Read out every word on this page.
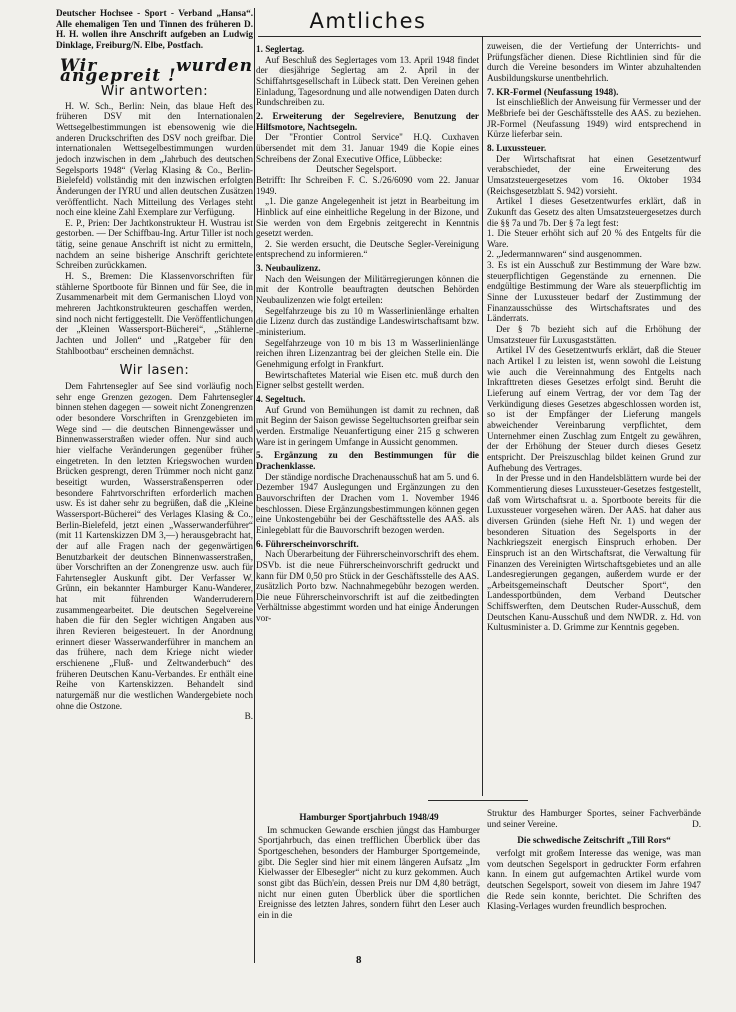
Deutscher Hochsee - Sport - Verband „Hansa“. Alle ehemaligen Ten und Tinnen des früheren D. H. H. wollen ihre Anschrift aufgeben an Ludwig Dinklage, Freiburg/N. Elbe, Postfach.

Wir wurden angepreit !
Wir antworten:

H. W. Sch., Berlin: Nein, das blaue Heft des früheren DSV mit den Internationalen Wettsegelbestimmungen ist ebensowenig wie die anderen Druckschriften des DSV noch greifbar. Die internationalen Wettsegelbestimmungen wurden jedoch inzwischen in dem „Jahrbuch des deutschen Segelsports 1948“ (Verlag Klasing & Co., Berlin-Bielefeld) vollständig mit den inzwischen erfolgten Änderungen der IYRU und allen deutschen Zusätzen veröffentlicht. Nach Mitteilung des Verlages steht noch eine kleine Zahl Exemplare zur Verfügung.

E. P., Prien: Der Jachtkonstrukteur H. Wustrau ist gestorben. — Der Schiffbau-Ing. Artur Tiller ist noch tätig, seine genaue Anschrift ist nicht zu ermitteln, nachdem an seine bisherige Anschrift gerichtete Schreiben zurückkamen.

H. S., Bremen: Die Klassenvorschriften für stählerne Sportboote für Binnen und für See, die in Zusammenarbeit mit dem Germanischen Lloyd von mehreren Jachtkonstrukteuren geschaffen werden, sind noch nicht fertiggestellt. Die Veröffentlichungen der „Kleinen Wassersport-Bücherei“, „Stählerne Jachten und Jollen“ und „Ratgeber für den Stahlbootbau“ erscheinen demnächst.

Wir lasen:

Dem Fahrtensegler auf See sind vorläufig noch sehr enge Grenzen gezogen. Dem Fahrtensegler binnen stehen dagegen — soweit nicht Zonengrenzen oder besondere Vorschriften in Grenzgebieten im Wege sind — die deutschen Binnengewässer und Binnenwasserstraßen wieder offen. Nur sind auch hier vielfache Veränderungen gegenüber früher eingetreten. In den letzten Kriegswochen wurden Brücken gesprengt, deren Trümmer noch nicht ganz beseitigt wurden, Wasserstraßensperren oder besondere Fahrtvorschriften erforderlich machen usw. Es ist daher sehr zu begrüßen, daß die „Kleine Wassersport-Bücherei“ des Verlages Klasing & Co., Berlin-Bielefeld, jetzt einen „Wasserwanderführer“ (mit 11 Kartenskizzen DM 3,—) herausgebracht hat, der auf alle Fragen nach der gegenwärtigen Benutzbarkeit der deutschen Binnenwasserstraßen, über Vorschriften an der Zonengrenze usw. auch für Fahrtensegler Auskunft gibt. Der Verfasser W. Grünn, ein bekannter Hamburger Kanu-Wanderer, hat mit führenden Wanderruderern zusammengearbeitet. Die deutschen Segelvereine haben die für den Segler wichtigen Angaben aus ihren Revieren beigesteuert. In der Anordnung erinnert dieser Wasserwanderführer in manchem an das frühere, nach dem Kriege nicht wieder erschienene „Fluß- und Zeltwanderbuch“ des früheren Deutschen Kanu-Verbandes. Er enthält eine Reihe von Kartenskizzen. Behandelt sind naturgemäß nur die westlichen Wandergebiete noch ohne die Ostzone.

B.
Amtliches
1. Seglertag.

Auf Beschluß des Seglertages vom 13. April 1948 findet der diesjährige Seglertag am 2. April in der Schiffahrtsgesellschaft in Lübeck statt. Den Vereinen gehen Einladung, Tagesordnung und alle notwendigen Daten durch Rundschreiben zu.

2. Erweiterung der Segelreviere, Benutzung der Hilfsmotore, Nachtsegeln.

Der "Frontier Control Service" H.Q. Cuxhaven übersendet mit dem 31. Januar 1949 die Kopie eines Schreibens der Zonal Executive Office, Lübbecke:

Deutscher Segelsport.

Betrifft: Ihr Schreiben F. C. S./26/6090 vom 22. Januar 1949.

„1. Die ganze Angelegenheit ist jetzt in Bearbeitung im Hinblick auf eine einheitliche Regelung in der Bizone, und Sie werden von dem Ergebnis zeitgerecht in Kenntnis gesetzt werden.

2. Sie werden ersucht, die Deutsche Segler-Vereinigung entsprechend zu informieren.“

3. Neubaulizenz.

Nach den Weisungen der Militärregierungen können die mit der Kontrolle beauftragten deutschen Behörden Neubaulizenzen wie folgt erteilen:

Segelfahrzeuge bis zu 10 m Wasserlinienlänge erhalten die Lizenz durch das zuständige Landeswirtschaftsamt bzw. -ministerium.

Segelfahrzeuge von 10 m bis 13 m Wasserlinienlänge reichen ihren Lizenzantrag bei der gleichen Stelle ein. Die Genehmigung erfolgt in Frankfurt.

Bewirtschaftetes Material wie Eisen etc. muß durch den Eigner selbst gestellt werden.

4. Segeltuch.

Auf Grund von Bemühungen ist damit zu rechnen, daß mit Beginn der Saison gewisse Segeltuchsorten greifbar sein werden. Erstmalige Neuanfertigung einer 215 g schweren Ware ist in geringem Umfange in Aussicht genommen.

5. Ergänzung zu den Bestimmungen für die Drachenklasse.

Der ständige nordische Drachenausschuß hat am 5. und 6. Dezember 1947 Auslegungen und Ergänzungen zu den Bauvorschriften der Drachen vom 1. November 1946 beschlossen. Diese Ergänzungsbestimmungen können gegen eine Unkostengebühr bei der Geschäftsstelle des AAS. als Einlegeblatt für die Bauvorschrift bezogen werden.

6. Führerscheinvorschrift.

Nach Überarbeitung der Führerscheinvorschrift des ehem. DSVb. ist die neue Führerscheinvorschrift gedruckt und kann für DM 0,50 pro Stück in der Geschäftsstelle des AAS. zusätzlich Porto bzw. Nachnahmegebühr bezogen werden. Die neue Führerscheinvorschrift ist auf die zeitbedingten Verhältnisse abgestimmt worden und hat einige Änderungen vor-

zuweisen, die der Vertiefung der Unterrichts- und Prüfungsfächer dienen. Diese Richtlinien sind für die durch die Vereine besonders im Winter abzuhaltenden Ausbildungskurse unentbehrlich.

7. KR-Formel (Neufassung 1948).

Ist einschließlich der Anweisung für Vermesser und der Meßbriefe bei der Geschäftsstelle des AAS. zu beziehen. JR-Formel (Neufassung 1949) wird entsprechend in Kürze lieferbar sein.

8. Luxussteuer.

Der Wirtschaftsrat hat einen Gesetzentwurf verabschiedet, der eine Erweiterung des Umsatzsteuergesetzes vom 16. Oktober 1934 (Reichsgesetzblatt S. 942) vorsieht.

Artikel I dieses Gesetzentwurfes erklärt, daß in Zukunft das Gesetz des alten Umsatzsteuergesetzes durch die §§ 7a und 7b. Der § 7a legt fest:

1. Die Steuer erhöht sich auf 20 % des Entgelts für die Ware.

2. „Jedermannwaren“ sind ausgenommen.

3. Es ist ein Ausschuß zur Bestimmung der Ware bzw. steuerpflichtigen Gegenstände zu ernennen. Die endgültige Bestimmung der Ware als steuerpflichtig im Sinne der Luxussteuer bedarf der Zustimmung der Finanzausschüsse des Wirtschaftsrates und des Länderrats.

Der § 7b bezieht sich auf die Erhöhung der Umsatzsteuer für Luxusgaststätten.

Artikel IV des Gesetzentwurfs erklärt, daß die Steuer nach Artikel I zu leisten ist, wenn sowohl die Leistung wie auch die Vereinnahmung des Entgelts nach Inkrafttreten dieses Gesetzes erfolgt sind. Beruht die Lieferung auf einem Vertrag, der vor dem Tag der Verkündigung dieses Gesetzes abgeschlossen worden ist, so ist der Empfänger der Lieferung mangels abweichender Vereinbarung verpflichtet, dem Unternehmer einen Zuschlag zum Entgelt zu gewähren, der der Erhöhung der Steuer durch dieses Gesetz entspricht. Der Preiszuschlag bildet keinen Grund zur Aufhebung des Vertrages.

In der Presse und in den Handelsblättern wurde bei der Kommentierung dieses Luxussteuer-Gesetzes festgestellt, daß vom Wirtschaftsrat u. a. Sportboote bereits für die Luxussteuer vorgesehen wären. Der AAS. hat daher aus diversen Gründen (siehe Heft Nr. 1) und wegen der besonderen Situation des Segelsports in der Nachkriegszeit energisch Einspruch erhoben. Der Einspruch ist an den Wirtschaftsrat, die Verwaltung für Finanzen des Vereinigten Wirtschaftsgebietes und an alle Landesregierungen gegangen, außerdem wurde er der „Arbeitsgemeinschaft Deutscher Sport“, den Landessportbünden, dem Verband Deutscher Schiffswerften, dem Deutschen Ruder-Ausschuß, dem Deutschen Kanu-Ausschuß und dem NWDR. z. Hd. von Kultusminister a. D. Grimme zur Kenntnis gegeben.

Hamburger Sportjahrbuch 1948/49

Im schmucken Gewande erschien jüngst das Hamburger Sportjahrbuch, das einen trefflichen Überblick über das Sportgeschehen, besonders der Hamburger Sportgemeinde, gibt. Die Segler sind hier mit einem längeren Aufsatz „Im Kielwasser der Elbesegler“ nicht zu kurz gekommen. Auch sonst gibt das Büch'ein, dessen Preis nur DM 4,80 beträgt, nicht nur einen guten Überblick über die sportlichen Ereignisse des letzten Jahres, sondern führt den Leser auch ein in die

Struktur des Hamburger Sportes, seiner Fachverbände und seiner Vereine.	D.

Die schwedische Zeitschrift „Till Rors“

verfolgt mit großem Interesse das wenige, was man vom deutschen Segelsport in gedruckter Form erfahren kann. In einem gut aufgemachten Artikel wurde vom deutschen Segelsport, soweit von diesem im Jahre 1947 die Rede sein konnte, berichtet. Die Schriften des Klasing-Verlages wurden freundlich besprochen.

8
